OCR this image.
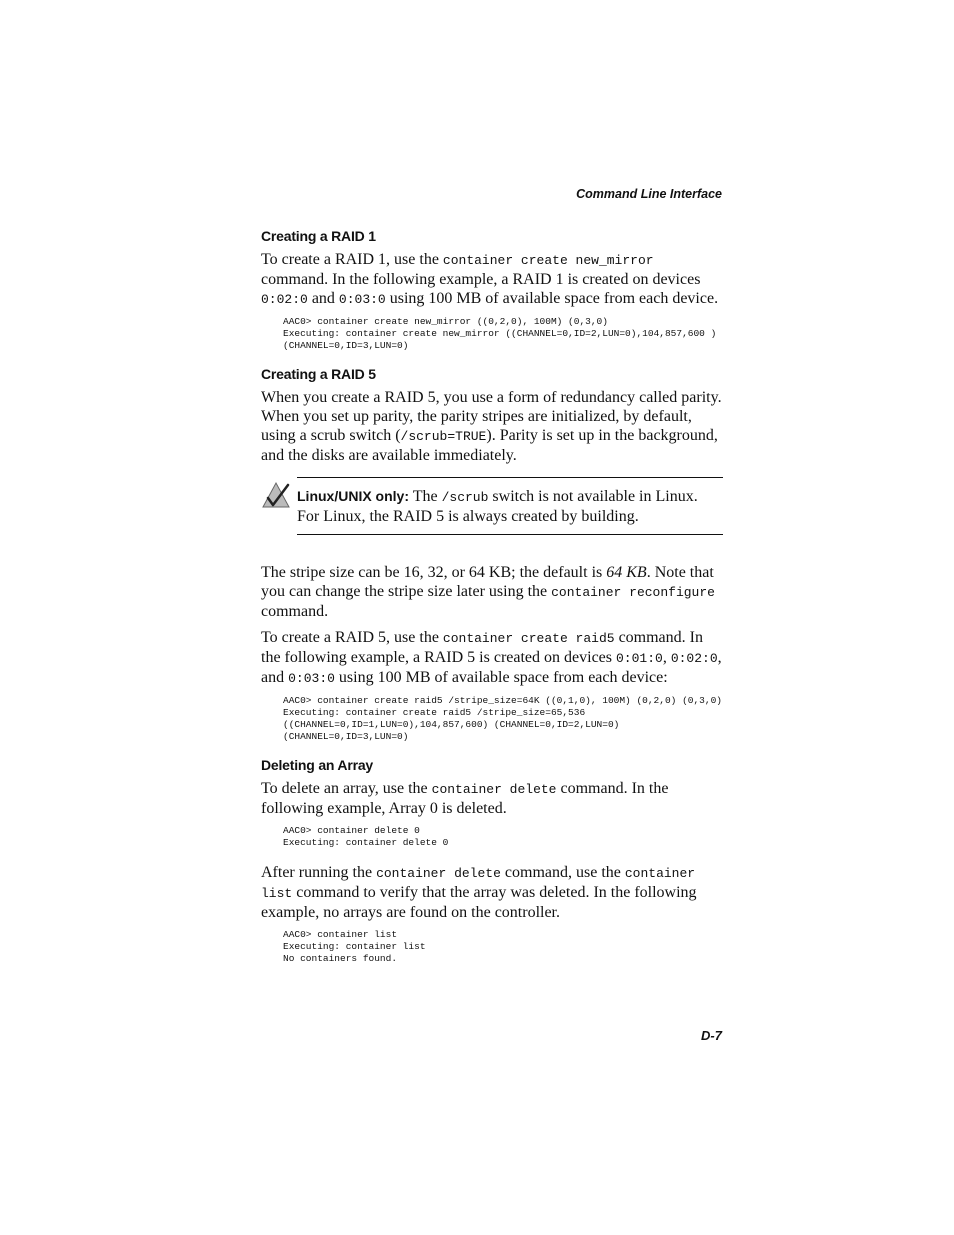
Command Line Interface
Creating a RAID 1

To create a RAID 1, use the container create new_mirror command. In the following example, a RAID 1 is created on devices 0:02:0 and 0:03:0 using 100 MB of available space from each device.

AAC0> container create new_mirror ((0,2,0), 100M) (0,3,0)
Executing: container create new_mirror ((CHANNEL=0,ID=2,LUN=0),104,857,600 )
(CHANNEL=0,ID=3,LUN=0)
Creating a RAID 5

When you create a RAID 5, you use a form of redundancy called parity. When you set up parity, the parity stripes are initialized, by default, using a scrub switch (/scrub=TRUE). Parity is set up in the background, and the disks are available immediately.

Linux/UNIX only: The /scrub switch is not available in Linux. For Linux, the RAID 5 is always created by building.

The stripe size can be 16, 32, or 64 KB; the default is 64 KB. Note that you can change the stripe size later using the container reconfigure command.

To create a RAID 5, use the container create raid5 command. In the following example, a RAID 5 is created on devices 0:01:0, 0:02:0, and 0:03:0 using 100 MB of available space from each device:

AAC0> container create raid5 /stripe_size=64K ((0,1,0), 100M) (0,2,0) (0,3,0)
Executing: container create raid5 /stripe_size=65,536
((CHANNEL=0,ID=1,LUN=0),104,857,600) (CHANNEL=0,ID=2,LUN=0)
(CHANNEL=0,ID=3,LUN=0)
Deleting an Array

To delete an array, use the container delete command. In the following example, Array 0 is deleted.

AAC0> container delete 0
Executing: container delete 0

After running the container delete command, use the container list command to verify that the array was deleted. In the following example, no arrays are found on the controller.

AAC0> container list
Executing: container list
No containers found.
D-7
